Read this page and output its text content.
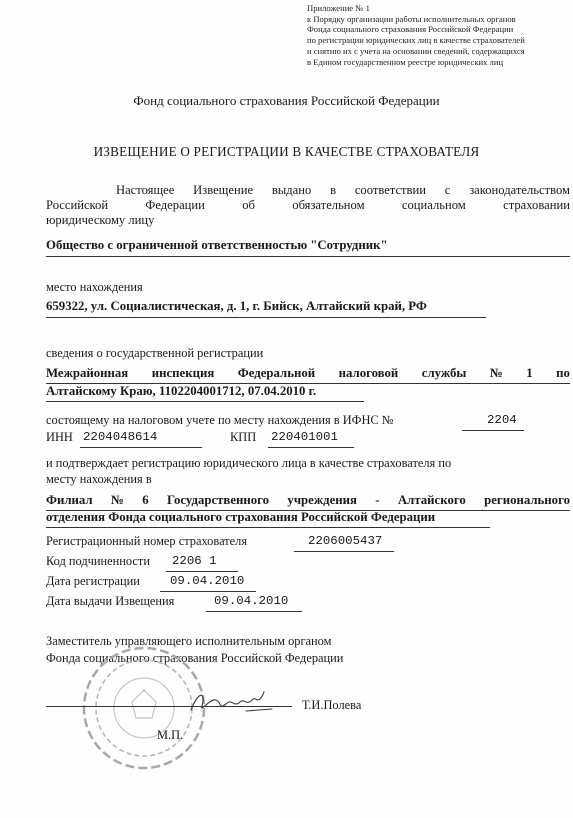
Приложение № 1
к Порядку организации работы исполнительных органов
Фонда социального страхования Российской Федерации
по регистрации юридических лиц в качестве страхователей
и снятию их с учета на основании сведений, содержащихся
в Едином государственном реестре юридических лиц
Фонд социального страхования Российской Федерации
ИЗВЕЩЕНИЕ О РЕГИСТРАЦИИ В КАЧЕСТВЕ СТРАХОВАТЕЛЯ
Настоящее Извещение выдано в соответствии с законодательством
Российской	Федерации	об	обязательном	социальном	страховании
юридическому лицу
Общество с ограниченной ответственностью "Сотрудник"
место нахождения
659322, ул. Социалистическая, д. 1, г. Бийск, Алтайский край, РФ
сведения о государственной регистрации
Межрайонная инспекция Федеральной налоговой службы № 1 по
Алтайскому Краю, 1102204001712, 07.04.2010 г.
состоящему на налоговом учете по месту нахождения в ИФНС №	2204
ИНН 2204048614	КПП 220401001
и подтверждает регистрацию юридического лица в качестве страхователя по
месту нахождения в
Филиал № 6 Государственного учреждения - Алтайского регионального
отделения Фонда социального страхования Российской Федерации
Регистрационный номер страхователя	2206005437
Код подчиненности 2206 1
Дата регистрации 09.04.2010
Дата выдачи Извещения	09.04.2010
Заместитель управляющего исполнительным органом
Фонда социального страхования Российской Федерации
Т.И.Полева
М.П.
